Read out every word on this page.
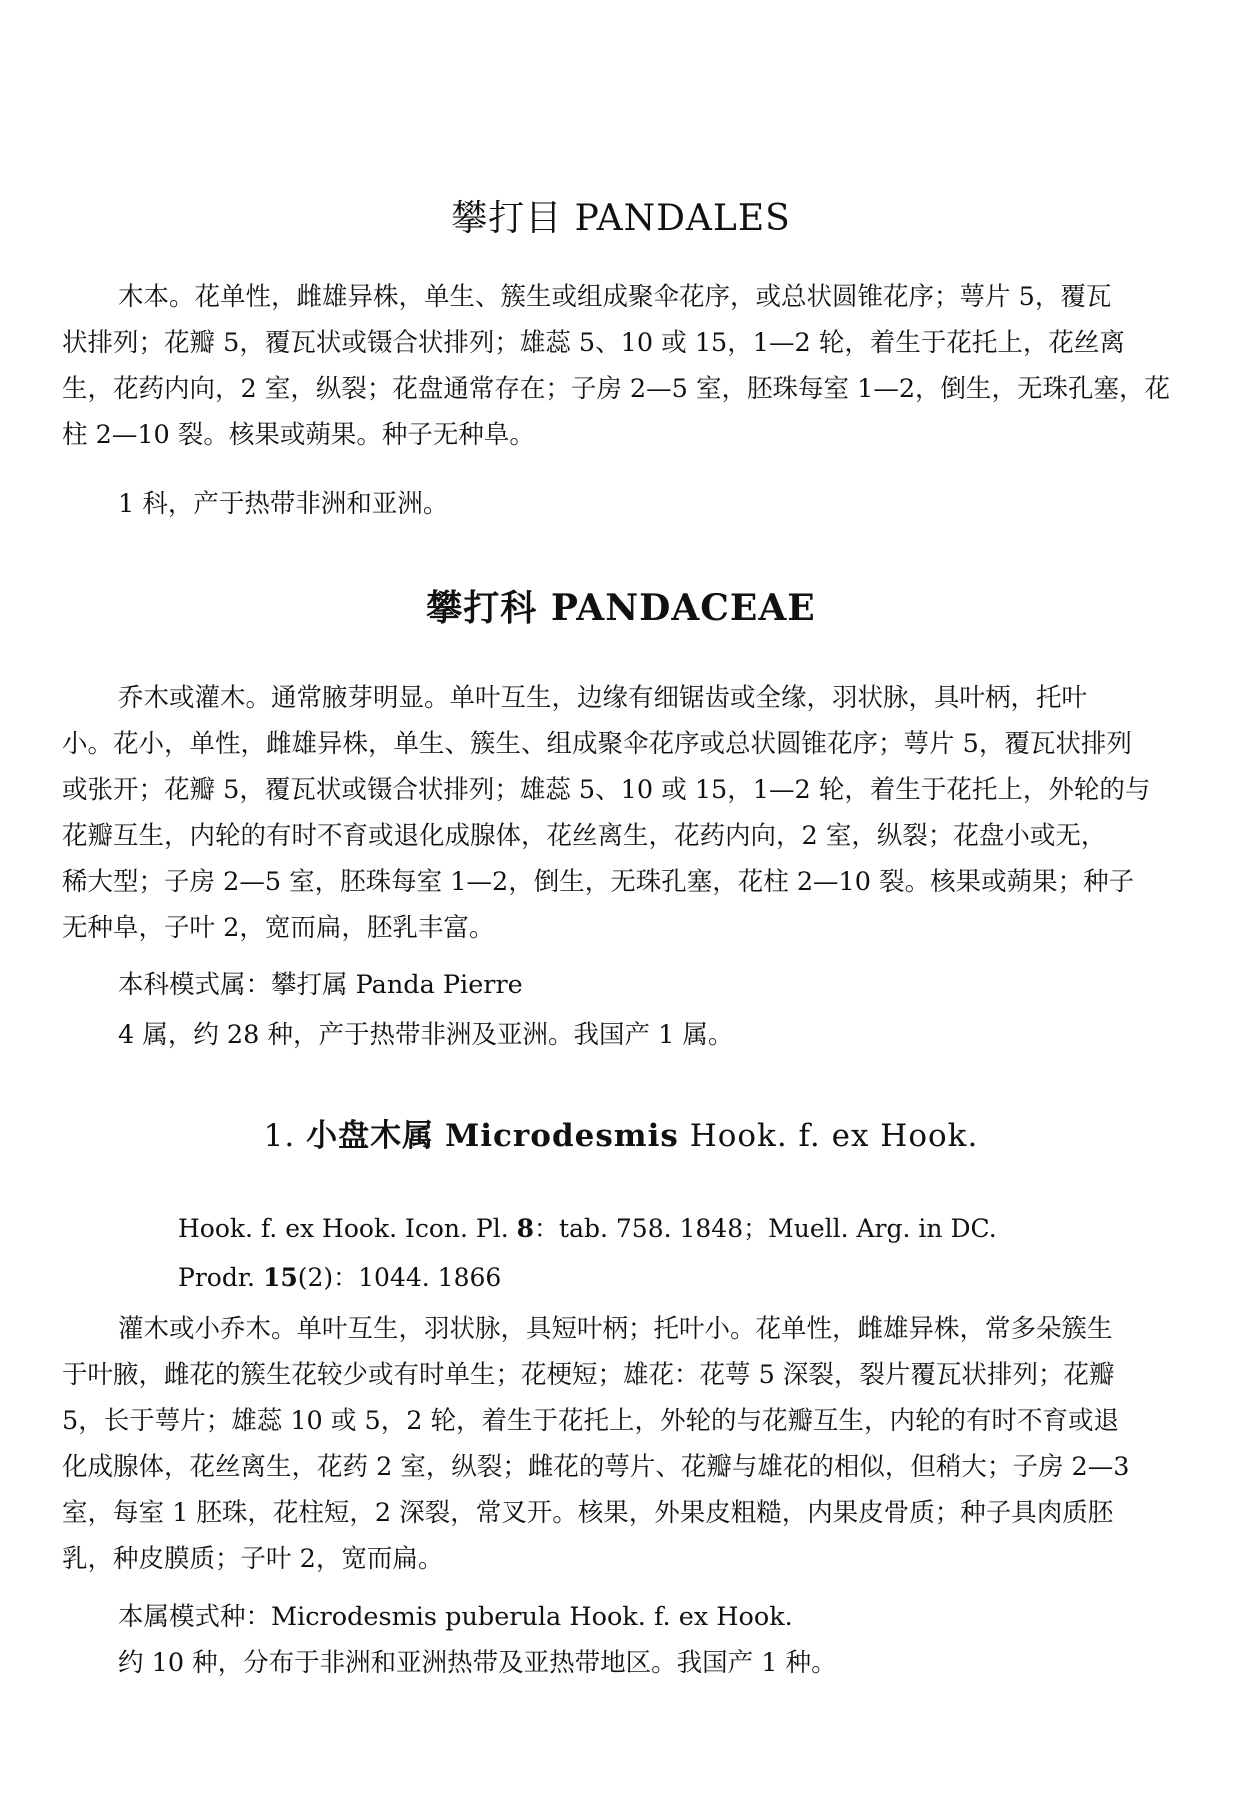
攀打目 PANDALES

木本。花单性，雌雄异株，单生、簇生或组成聚伞花序，或总状圆锥花序；萼片 5，覆瓦

状排列；花瓣 5，覆瓦状或镊合状排列；雄蕊 5、10 或 15，1—2 轮，着生于花托上，花丝离

生，花药内向，2 室，纵裂；花盘通常存在；子房 2—5 室，胚珠每室 1—2，倒生，无珠孔塞，花

柱 2—10 裂。核果或蒴果。种子无种阜。

1 科，产于热带非洲和亚洲。

攀打科 PANDACEAE

乔木或灌木。通常腋芽明显。单叶互生，边缘有细锯齿或全缘，羽状脉，具叶柄，托叶

小。花小，单性，雌雄异株，单生、簇生、组成聚伞花序或总状圆锥花序；萼片 5，覆瓦状排列

或张开；花瓣 5，覆瓦状或镊合状排列；雄蕊 5、10 或 15，1—2 轮，着生于花托上，外轮的与

花瓣互生，内轮的有时不育或退化成腺体，花丝离生，花药内向，2 室，纵裂；花盘小或无，

稀大型；子房 2—5 室，胚珠每室 1—2，倒生，无珠孔塞，花柱 2—10 裂。核果或蒴果；种子

无种阜，子叶 2，宽而扁，胚乳丰富。

本科模式属：攀打属 Panda Pierre

4 属，约 28 种，产于热带非洲及亚洲。我国产 1 属。

1. 小盘木属 Microdesmis Hook. f. ex Hook.

Hook. f. ex Hook. Icon. Pl. 8：tab. 758. 1848；Muell. Arg. in DC.

Prodr. 15(2)：1044. 1866

灌木或小乔木。单叶互生，羽状脉，具短叶柄；托叶小。花单性，雌雄异株，常多朵簇生

于叶腋，雌花的簇生花较少或有时单生；花梗短；雄花：花萼 5 深裂，裂片覆瓦状排列；花瓣

5，长于萼片；雄蕊 10 或 5，2 轮，着生于花托上，外轮的与花瓣互生，内轮的有时不育或退

化成腺体，花丝离生，花药 2 室，纵裂；雌花的萼片、花瓣与雄花的相似，但稍大；子房 2—3

室，每室 1 胚珠，花柱短，2 深裂，常叉开。核果，外果皮粗糙，内果皮骨质；种子具肉质胚

乳，种皮膜质；子叶 2，宽而扁。

本属模式种：Microdesmis puberula Hook. f. ex Hook.

约 10 种，分布于非洲和亚洲热带及亚热带地区。我国产 1 种。
